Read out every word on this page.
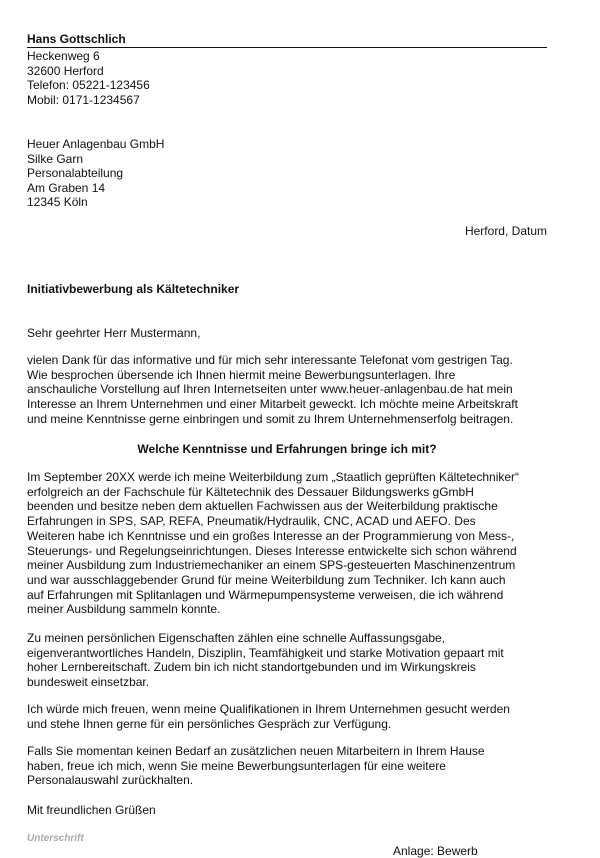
Hans Gottschlich
Heckenweg 6
32600 Herford
Telefon: 05221-123456
Mobil: 0171-1234567
Heuer Anlagenbau GmbH
Silke Garn
Personalabteilung
Am Graben 14
12345 Köln
Herford, Datum
Initiativbewerbung als Kältetechniker
Sehr geehrter Herr Mustermann,
vielen Dank für das informative und für mich sehr interessante Telefonat vom gestrigen Tag.
Wie besprochen übersende ich Ihnen hiermit meine Bewerbungsunterlagen. Ihre
anschauliche Vorstellung auf Ihren Internetseiten unter www.heuer-anlagenbau.de hat mein
Interesse an Ihrem Unternehmen und einer Mitarbeit geweckt. Ich möchte meine Arbeitskraft
und meine Kenntnisse gerne einbringen und somit zu Ihrem Unternehmenserfolg beitragen.
Welche Kenntnisse und Erfahrungen bringe ich mit?
Im September 20XX werde ich meine Weiterbildung zum „Staatlich geprüften Kältetechniker“
erfolgreich an der Fachschule für Kältetechnik des Dessauer Bildungswerks gGmbH
beenden und besitze neben dem aktuellen Fachwissen aus der Weiterbildung praktische
Erfahrungen in SPS, SAP, REFA, Pneumatik/Hydraulik, CNC, ACAD und AEFO. Des
Weiteren habe ich Kenntnisse und ein großes Interesse an der Programmierung von Mess-,
Steuerungs- und Regelungseinrichtungen. Dieses Interesse entwickelte sich schon während
meiner Ausbildung zum Industriemechaniker an einem SPS-gesteuerten Maschinenzentrum
und war ausschlaggebender Grund für meine Weiterbildung zum Techniker. Ich kann auch
auf Erfahrungen mit Splitanlagen und Wärmepumpensysteme verweisen, die ich während
meiner Ausbildung sammeln konnte.
Zu meinen persönlichen Eigenschaften zählen eine schnelle Auffassungsgabe,
eigenverantwortliches Handeln, Disziplin, Teamfähigkeit und starke Motivation gepaart mit
hoher Lernbereitschaft. Zudem bin ich nicht standortgebunden und im Wirkungskreis
bundesweit einsetzbar.
Ich würde mich freuen, wenn meine Qualifikationen in Ihrem Unternehmen gesucht werden
und stehe Ihnen gerne für ein persönliches Gespräch zur Verfügung.
Falls Sie momentan keinen Bedarf an zusätzlichen neuen Mitarbeitern in Ihrem Hause
haben, freue ich mich, wenn Sie meine Bewerbungsunterlagen für eine weitere
Personalauswahl zurückhalten.
Mit freundlichen Grüßen
Unterschrift
Anlage: Bewerb
